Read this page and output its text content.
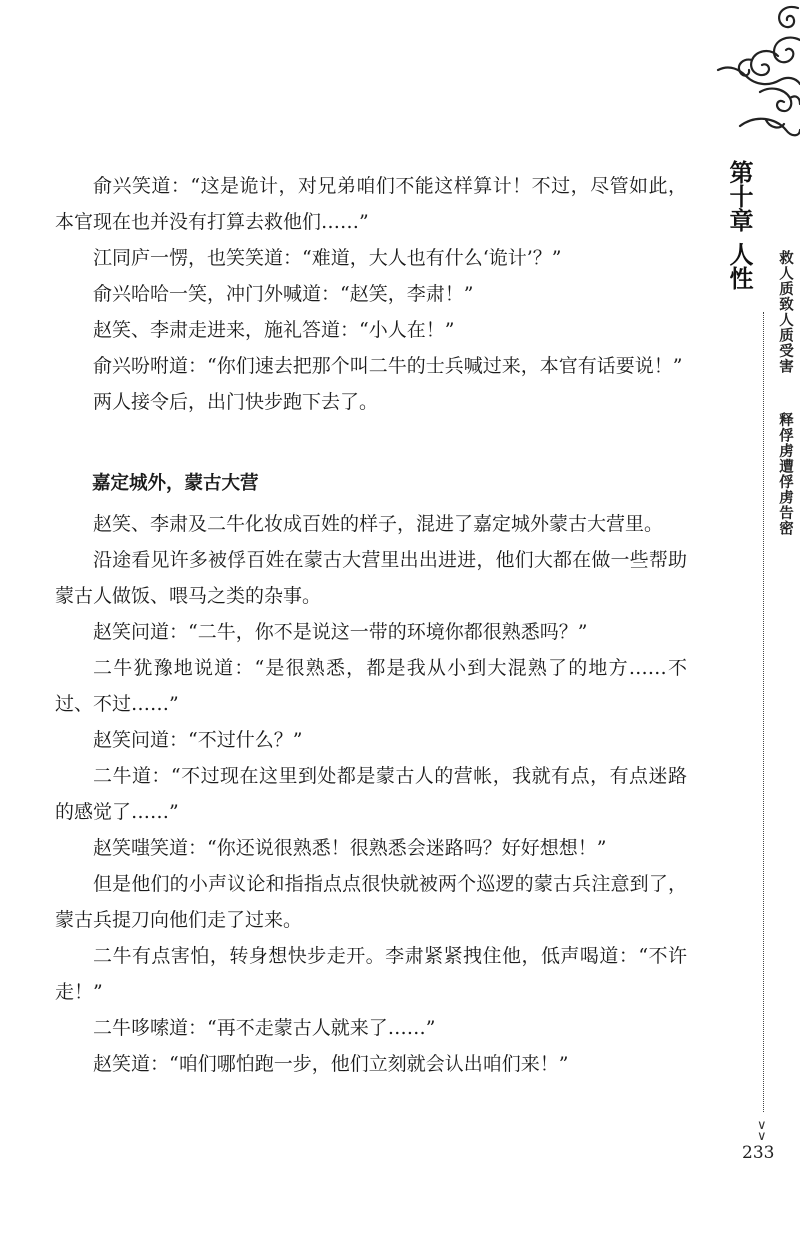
俞兴笑道：“这是诡计，对兄弟咱们不能这样算计！不过，尽管如此，本官现在也并没有打算去救他们……”

江同庐一愣，也笑笑道：“难道，大人也有什么‘诡计’？”

俞兴哈哈一笑，冲门外喊道：“赵笑，李肃！”

赵笑、李肃走进来，施礼答道：“小人在！”

俞兴吩咐道：“你们速去把那个叫二牛的士兵喊过来，本官有话要说！”

两人接令后，出门快步跑下去了。

嘉定城外，蒙古大营

赵笑、李肃及二牛化妆成百姓的样子，混进了嘉定城外蒙古大营里。

沿途看见许多被俘百姓在蒙古大营里出出进进，他们大都在做一些帮助蒙古人做饭、喂马之类的杂事。

赵笑问道：“二牛，你不是说这一带的环境你都很熟悉吗？”

二牛犹豫地说道：“是很熟悉，都是我从小到大混熟了的地方……不过、不过……”

赵笑问道：“不过什么？”

二牛道：“不过现在这里到处都是蒙古人的营帐，我就有点，有点迷路的感觉了……”

赵笑嗤笑道：“你还说很熟悉！很熟悉会迷路吗？好好想想！”

但是他们的小声议论和指指点点很快就被两个巡逻的蒙古兵注意到了，蒙古兵提刀向他们走了过来。

二牛有点害怕，转身想快步走开。李肃紧紧拽住他，低声喝道：“不许走！”

二牛哆嗦道：“再不走蒙古人就来了……”

赵笑道：“咱们哪怕跑一步，他们立刻就会认出咱们来！”

第十章
人性 救人质致人质受害
释俘虏遭俘虏告密
∨
∨
233
